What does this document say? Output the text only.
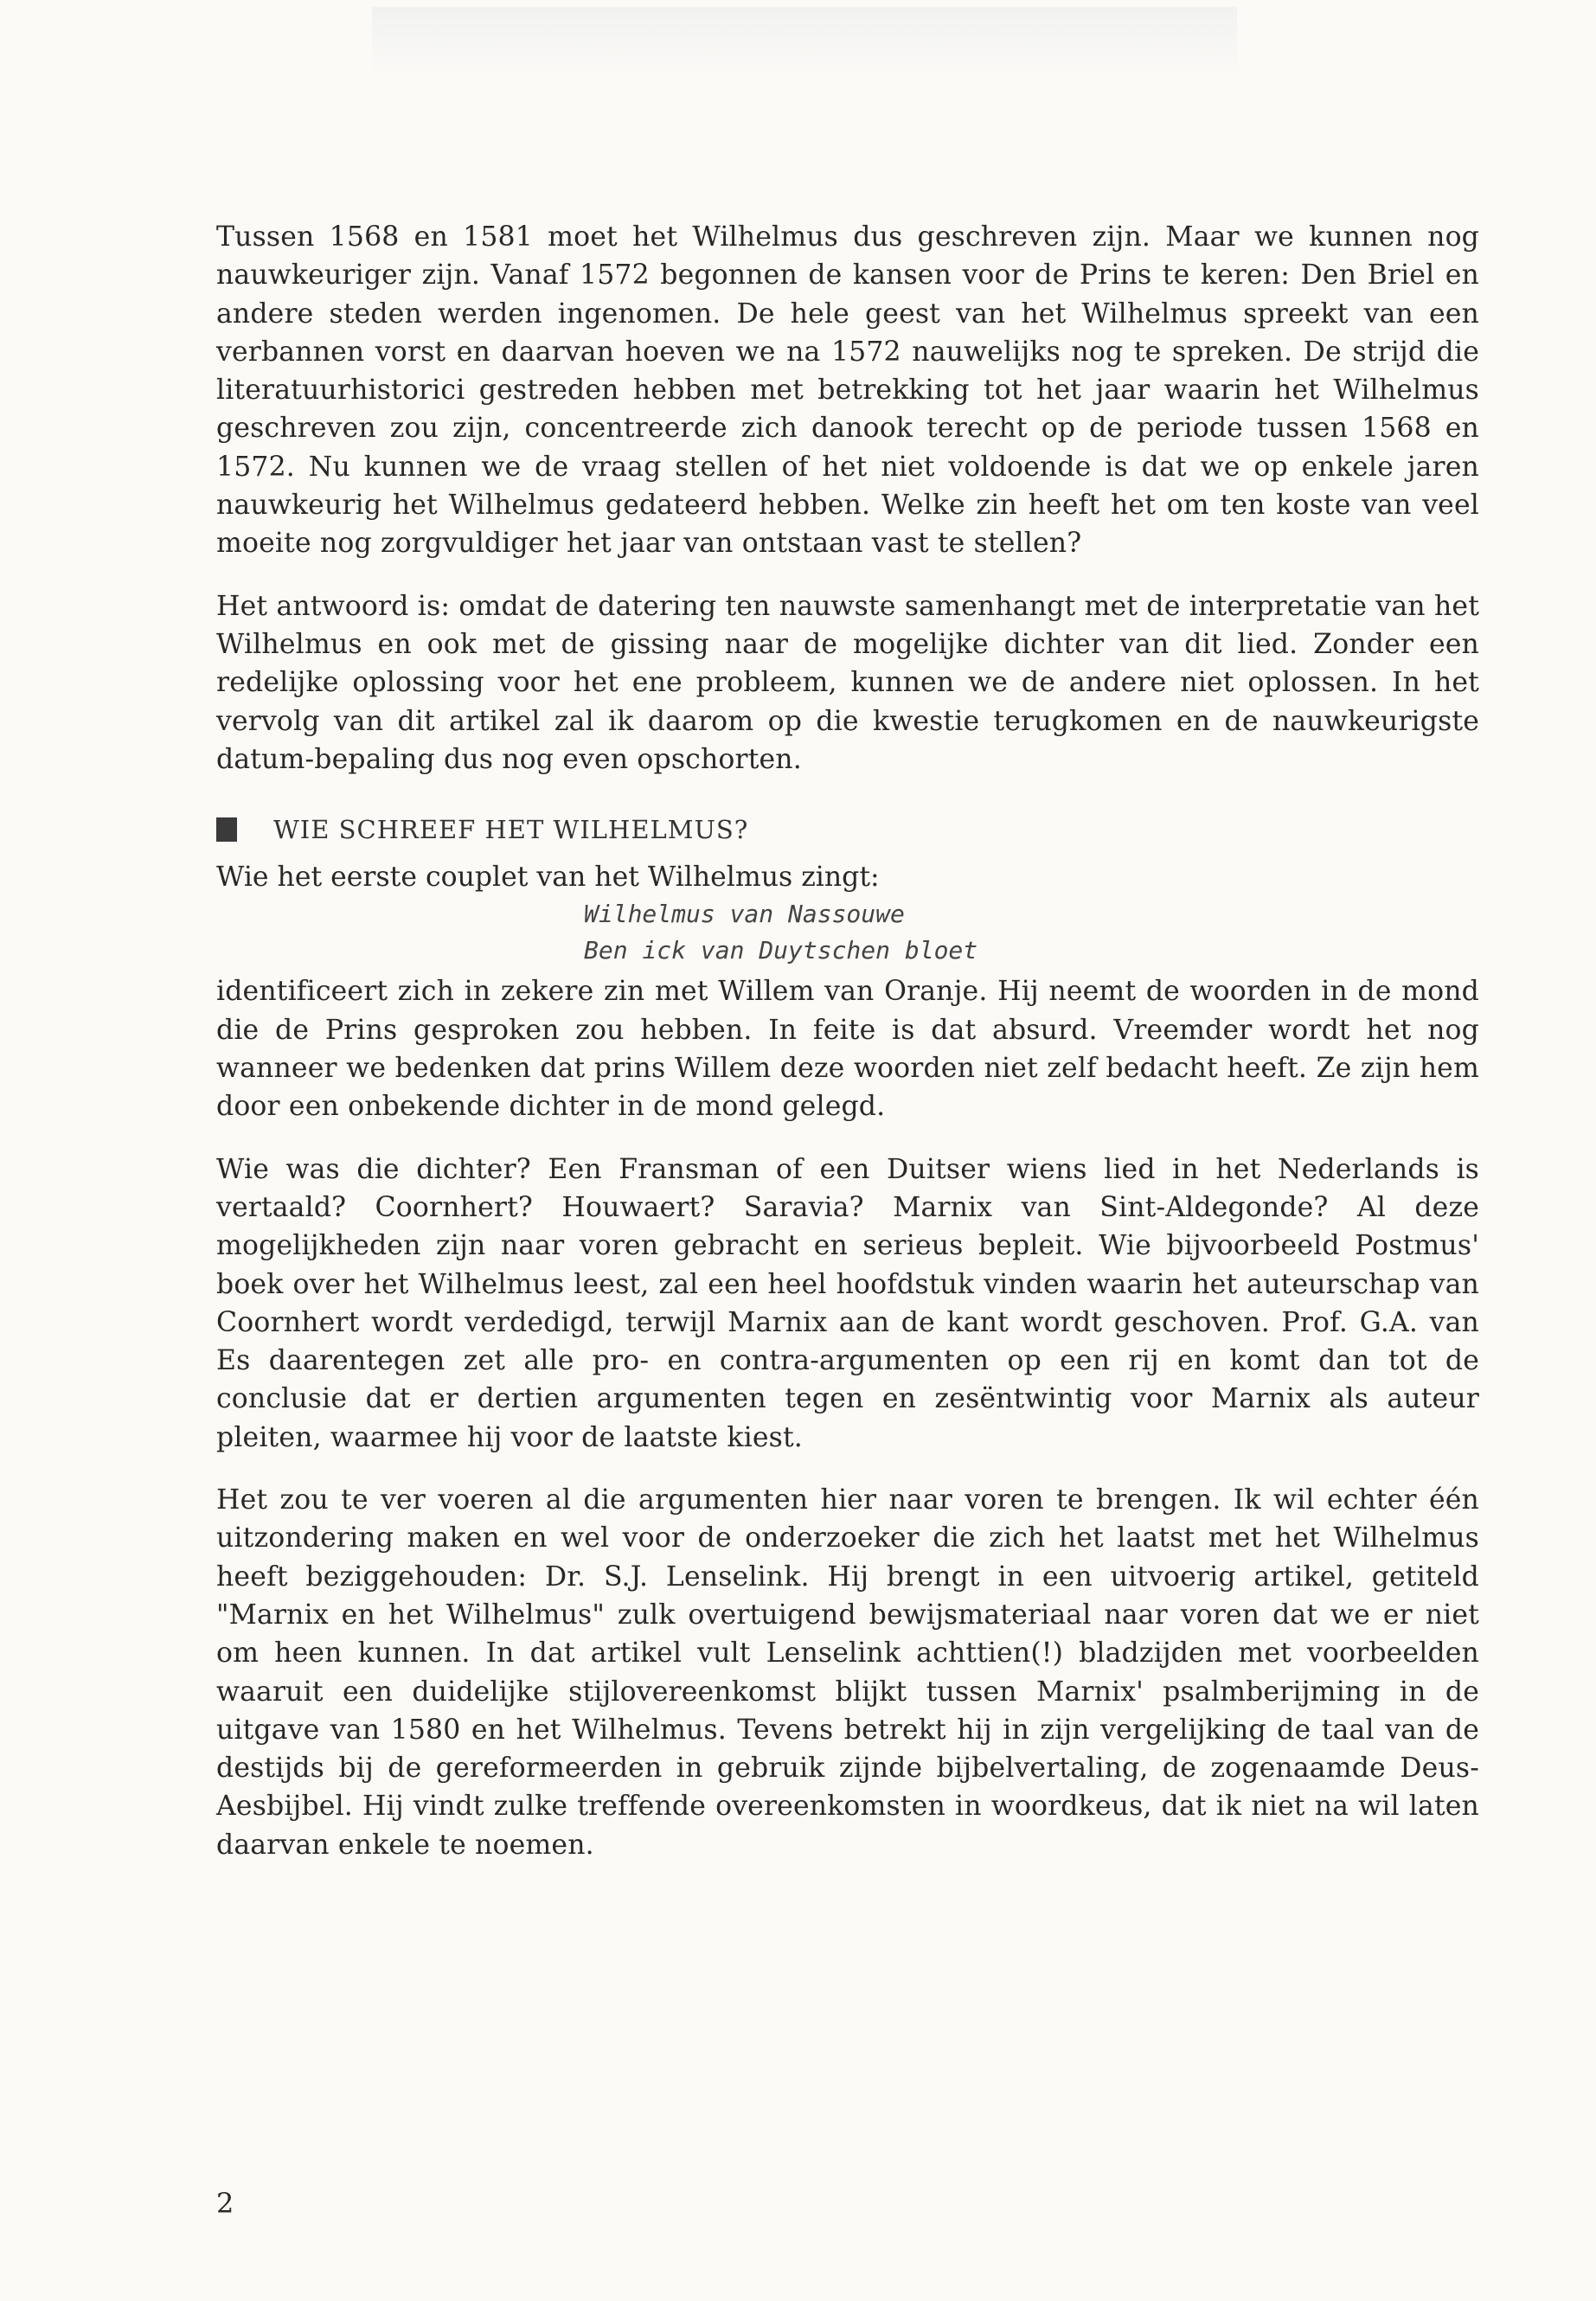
Tussen 1568 en 1581 moet het Wilhelmus dus geschreven zijn. Maar we kunnen nog nauwkeuriger zijn. Vanaf 1572 begonnen de kansen voor de Prins te keren: Den Briel en andere steden werden ingenomen. De hele geest van het Wilhelmus spreekt van een verbannen vorst en daarvan hoeven we na 1572 nauwelijks nog te spreken. De strijd die literatuurhistorici gestreden hebben met betrekking tot het jaar waarin het Wilhelmus geschreven zou zijn, concentreerde zich danook terecht op de periode tussen 1568 en 1572. Nu kunnen we de vraag stellen of het niet voldoende is dat we op enkele jaren nauwkeurig het Wilhelmus gedateerd hebben. Welke zin heeft het om ten koste van veel moeite nog zorgvuldiger het jaar van ontstaan vast te stellen?

Het antwoord is: omdat de datering ten nauwste samenhangt met de interpretatie van het Wilhelmus en ook met de gissing naar de mogelijke dichter van dit lied. Zonder een redelijke oplossing voor het ene probleem, kunnen we de andere niet oplossen. In het vervolg van dit artikel zal ik daarom op die kwestie terugkomen en de nauwkeurigste datum-bepaling dus nog even opschorten.

WIE SCHREEF HET WILHELMUS?

Wie het eerste couplet van het Wilhelmus zingt:

Wilhelmus van Nassouwe

Ben ick van Duytschen bloet

identificeert zich in zekere zin met Willem van Oranje. Hij neemt de woorden in de mond die de Prins gesproken zou hebben. In feite is dat absurd. Vreemder wordt het nog wanneer we bedenken dat prins Willem deze woorden niet zelf bedacht heeft. Ze zijn hem door een onbekende dichter in de mond gelegd.

Wie was die dichter? Een Fransman of een Duitser wiens lied in het Nederlands is vertaald? Coornhert? Houwaert? Saravia? Marnix van Sint-Aldegonde? Al deze mogelijkheden zijn naar voren gebracht en serieus bepleit. Wie bijvoorbeeld Postmus' boek over het Wilhelmus leest, zal een heel hoofdstuk vinden waarin het auteurschap van Coornhert wordt verdedigd, terwijl Marnix aan de kant wordt geschoven. Prof. G.A. van Es daarentegen zet alle pro- en contra-argumenten op een rij en komt dan tot de conclusie dat er dertien argumenten tegen en zesëntwintig voor Marnix als auteur pleiten, waarmee hij voor de laatste kiest.

Het zou te ver voeren al die argumenten hier naar voren te brengen. Ik wil echter één uitzondering maken en wel voor de onderzoeker die zich het laatst met het Wilhelmus heeft beziggehouden: Dr. S.J. Lenselink. Hij brengt in een uitvoerig artikel, getiteld "Marnix en het Wilhelmus" zulk overtuigend bewijsmateriaal naar voren dat we er niet om heen kunnen. In dat artikel vult Lenselink achttien(!) bladzijden met voorbeelden waaruit een duidelijke stijlovereenkomst blijkt tussen Marnix' psalmberijming in de uitgave van 1580 en het Wilhelmus. Tevens betrekt hij in zijn vergelijking de taal van de destijds bij de gereformeerden in gebruik zijnde bijbelvertaling, de zogenaamde Deus-Aesbijbel. Hij vindt zulke treffende overeenkomsten in woordkeus, dat ik niet na wil laten daarvan enkele te noemen.

2
